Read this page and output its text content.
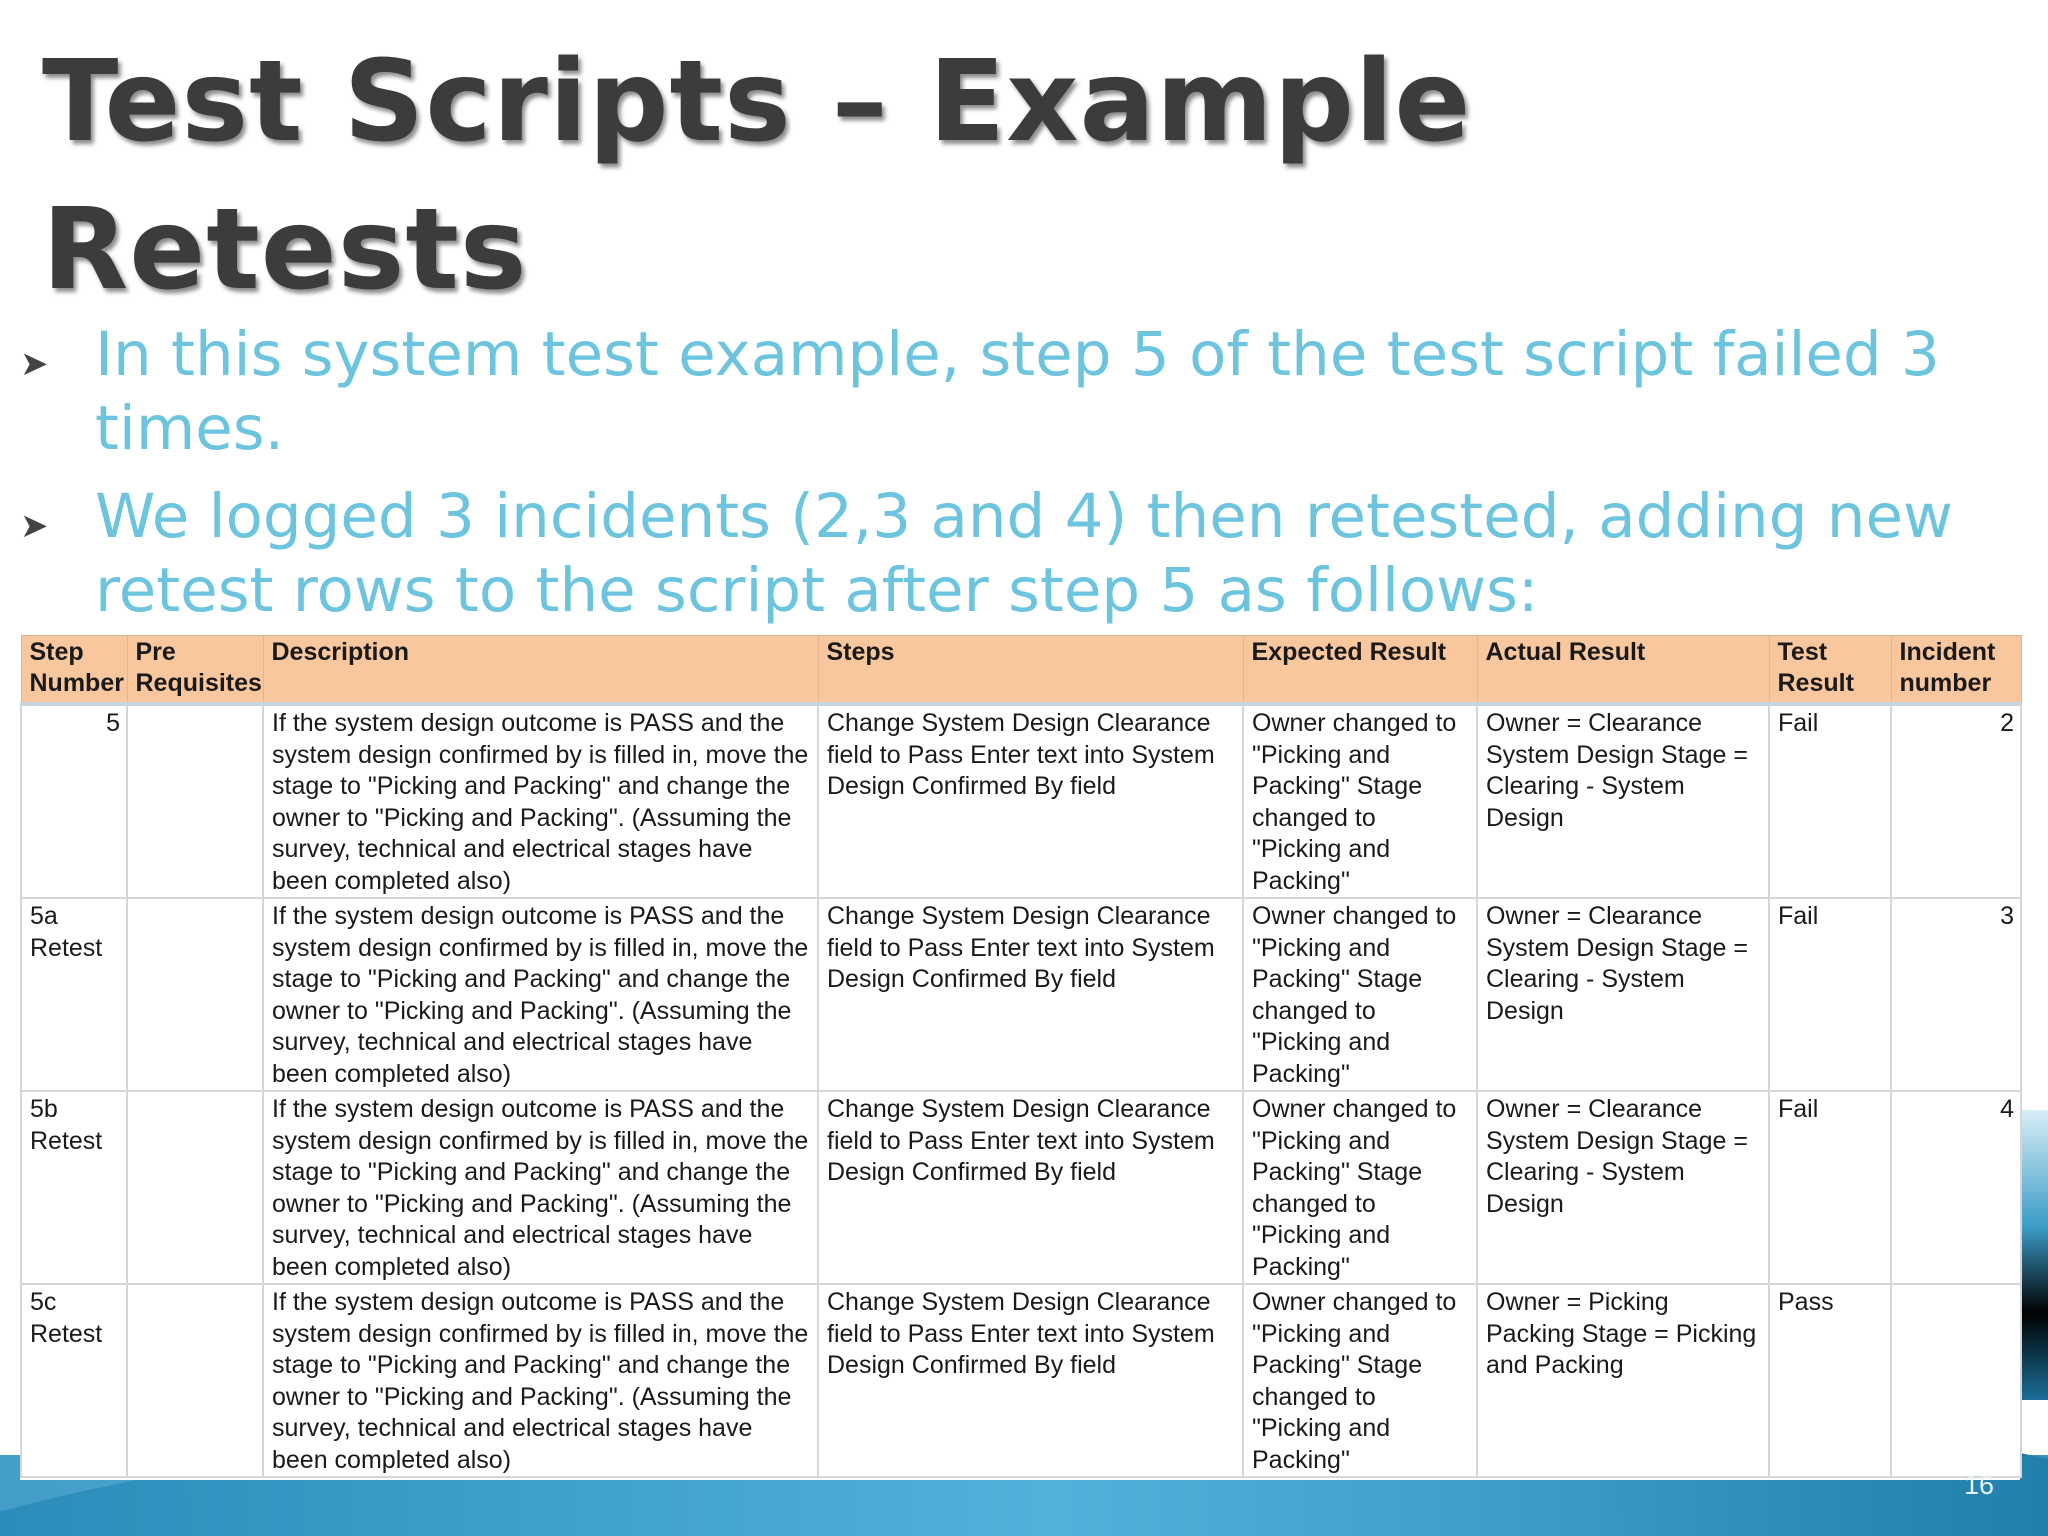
Test Scripts – Example
Retests
➤ In this system test example, step 5 of the test script failed 3 times.
➤ We logged 3 incidents (2,3 and 4) then retested, adding new retest rows to the script after step 5 as follows:
Step Number	Pre Requisites	Description	Steps	Expected Result	Actual Result	Test Result	Incident number
5		If the system design outcome is PASS and the system design confirmed by is filled in, move the stage to "Picking and Packing" and change the owner to "Picking and Packing". (Assuming the survey, technical and electrical stages have been completed also)	Change System Design Clearance field to Pass Enter text into System Design Confirmed By field	Owner changed to "Picking and Packing" Stage changed to "Picking and Packing"	Owner = Clearance System Design Stage = Clearing - System Design	Fail	2
5a Retest		If the system design outcome is PASS and the system design confirmed by is filled in, move the stage to "Picking and Packing" and change the owner to "Picking and Packing". (Assuming the survey, technical and electrical stages have been completed also)	Change System Design Clearance field to Pass Enter text into System Design Confirmed By field	Owner changed to "Picking and Packing" Stage changed to "Picking and Packing"	Owner = Clearance System Design Stage = Clearing - System Design	Fail	3
5b Retest		If the system design outcome is PASS and the system design confirmed by is filled in, move the stage to "Picking and Packing" and change the owner to "Picking and Packing". (Assuming the survey, technical and electrical stages have been completed also)	Change System Design Clearance field to Pass Enter text into System Design Confirmed By field	Owner changed to "Picking and Packing" Stage changed to "Picking and Packing"	Owner = Clearance System Design Stage = Clearing - System Design	Fail	4
5c Retest		If the system design outcome is PASS and the system design confirmed by is filled in, move the stage to "Picking and Packing" and change the owner to "Picking and Packing". (Assuming the survey, technical and electrical stages have been completed also)	Change System Design Clearance field to Pass Enter text into System Design Confirmed By field	Owner changed to "Picking and Packing" Stage changed to "Picking and Packing"	Owner = Picking Packing Stage = Picking and Packing	Pass	
16
